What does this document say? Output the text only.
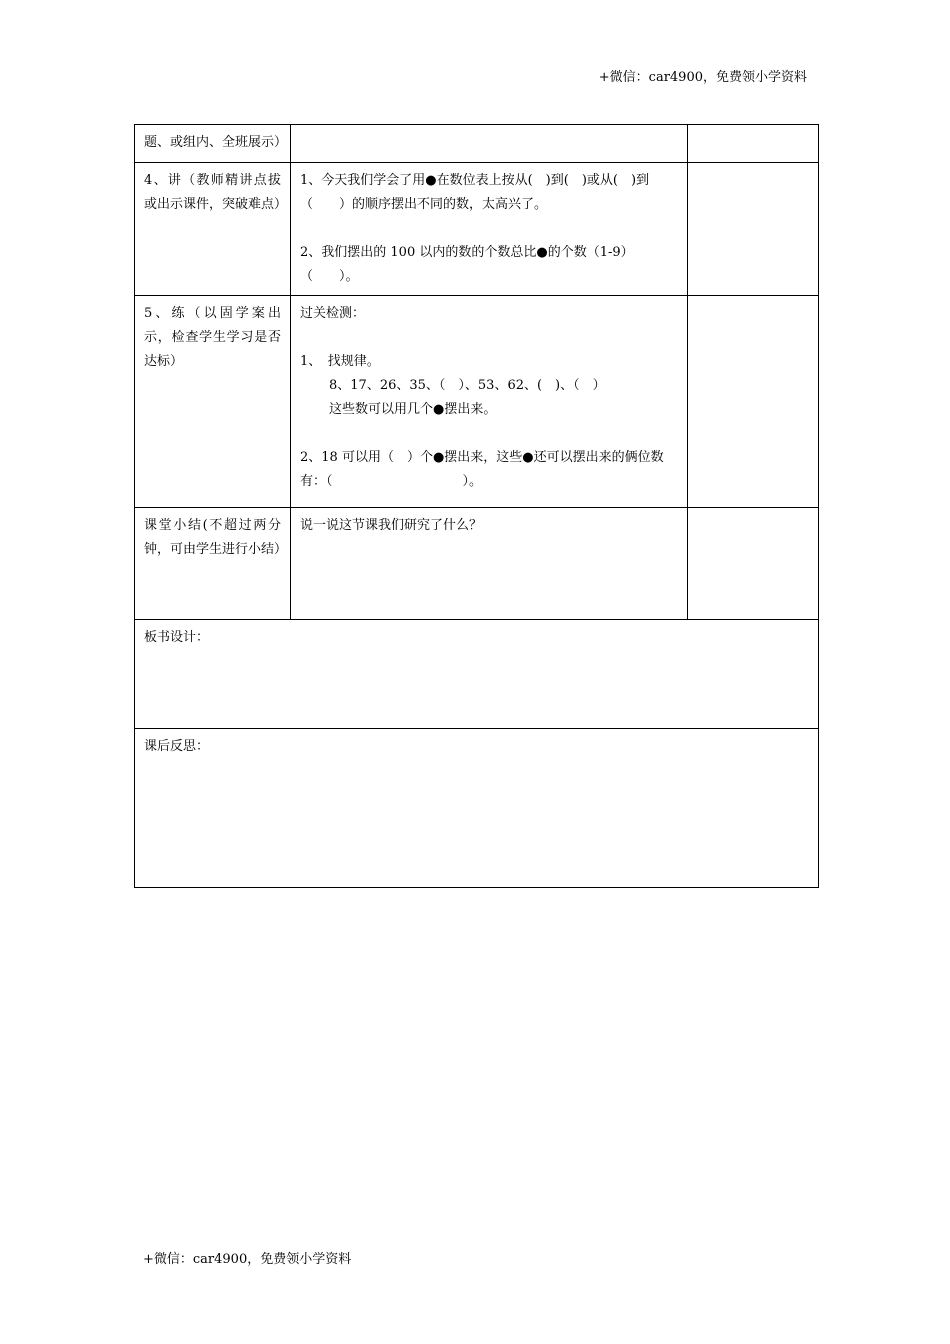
+微信：car4900，免费领小学资料
题、或组内、全班展示）		
4、讲（教师精讲点拔或出示课件，突破难点）	1、今天我们学会了用●在数位表上按从(　)到(　)或从(　)到（　　）的顺序摆出不同的数，太高兴了。

2、我们摆出的 100 以内的数的个数总比●的个数（1-9）（　　）。	

5、练（以固学案出示，检查学生学习是否达标）	过关检测：

1、　找规律。

8、17、26、35、（　）、53、62、(　)、（　）

这些数可以用几个●摆出来。

2、18 可以用（　）个●摆出来，这些●还可以摆出来的俩位数有：（　　　　　　　　　　）。	

课堂小结(不超过两分钟，可由学生进行小结）	说一说这节课我们研究了什么？	
板书设计：		
课后反思：		
+微信：car4900，免费领小学资料
